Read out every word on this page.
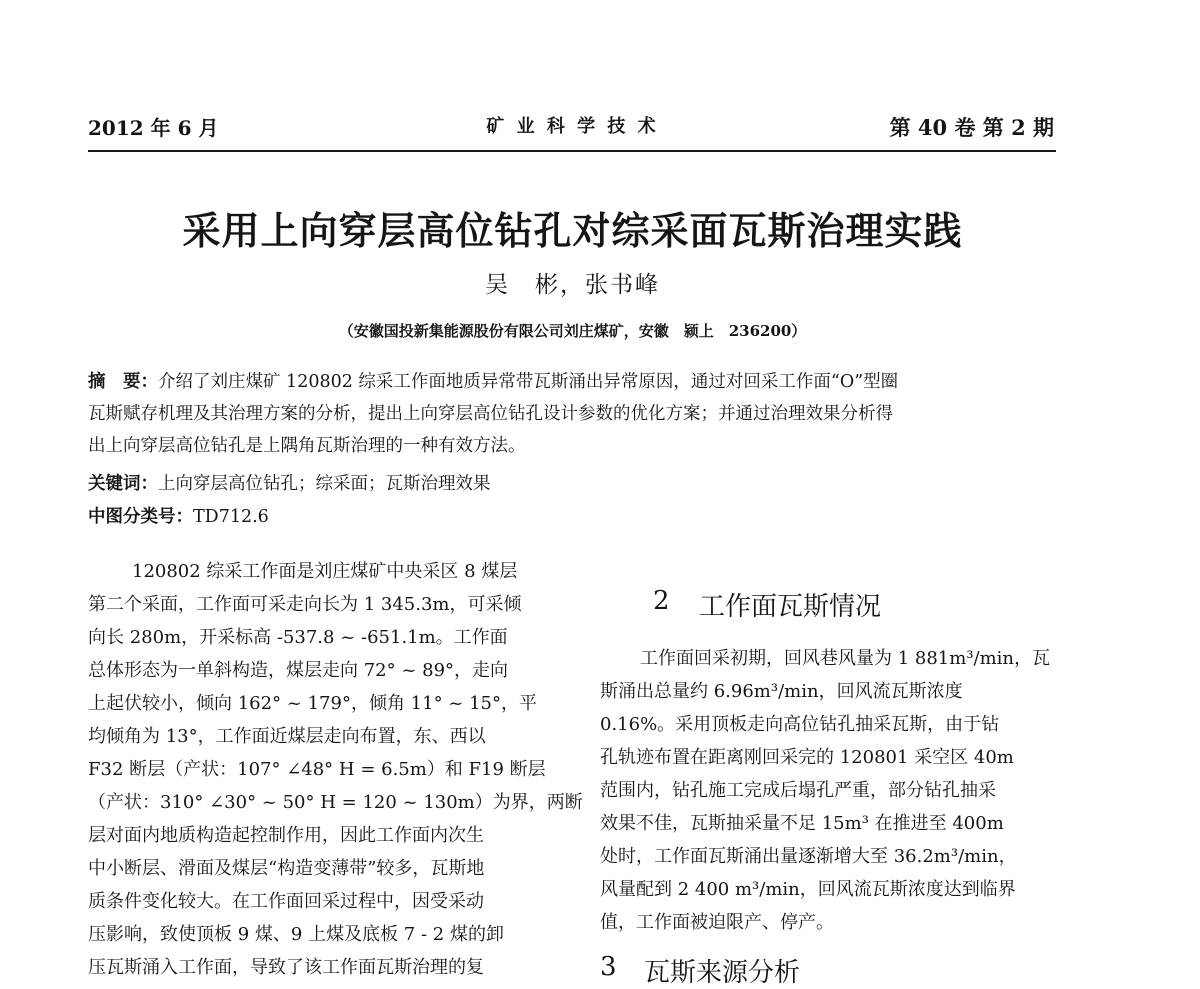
2012 年 6 月	矿 业 科 学 技 术	第 40 卷 第 2 期
采用上向穿层高位钻孔对综采面瓦斯治理实践
吴　彬，张书峰
（安徽国投新集能源股份有限公司刘庄煤矿，安徽　颍上　236200）
摘　要：介绍了刘庄煤矿 120802 综采工作面地质异常带瓦斯涌出异常原因，通过对回采工作面“O”型圈
瓦斯赋存机理及其治理方案的分析，提出上向穿层高位钻孔设计参数的优化方案；并通过治理效果分析得
出上向穿层高位钻孔是上隅角瓦斯治理的一种有效方法。
关键词：上向穿层高位钻孔；综采面；瓦斯治理效果
中图分类号：TD712.6
120802 综采工作面是刘庄煤矿中央采区 8 煤层
第二个采面，工作面可采走向长为 1 345.3m，可采倾
向长 280m，开采标高 -537.8 ~ -651.1m。工作面
总体形态为一单斜构造，煤层走向 72° ~ 89°，走向
上起伏较小，倾向 162° ~ 179°，倾角 11° ~ 15°，平
均倾角为 13°，工作面近煤层走向布置，东、西以
F32 断层（产状：107° ∠48° H = 6.5m）和 F19 断层
（产状：310° ∠30° ~ 50° H = 120 ~ 130m）为界，两断
层对面内地质构造起控制作用，因此工作面内次生
中小断层、滑面及煤层“构造变薄带”较多，瓦斯地
质条件变化较大。在工作面回采过程中，因受采动
压影响，致使顶板 9 煤、9 上煤及底板 7 - 2 煤的卸
压瓦斯涌入工作面，导致了该工作面瓦斯治理的复
2 工作面瓦斯情况
工作面回采初期，回风巷风量为 1 881m³/min，瓦
斯涌出总量约 6.96m³/min，回风流瓦斯浓度
0.16%。采用顶板走向高位钻孔抽采瓦斯，由于钻
孔轨迹布置在距离刚回采完的 120801 采空区 40m
范围内，钻孔施工完成后塌孔严重，部分钻孔抽采
效果不佳，瓦斯抽采量不足 15m³ 在推进至 400m
处时，工作面瓦斯涌出量逐渐增大至 36.2m³/min，
风量配到 2 400 m³/min，回风流瓦斯浓度达到临界
值，工作面被迫限产、停产。
3 瓦斯来源分析
